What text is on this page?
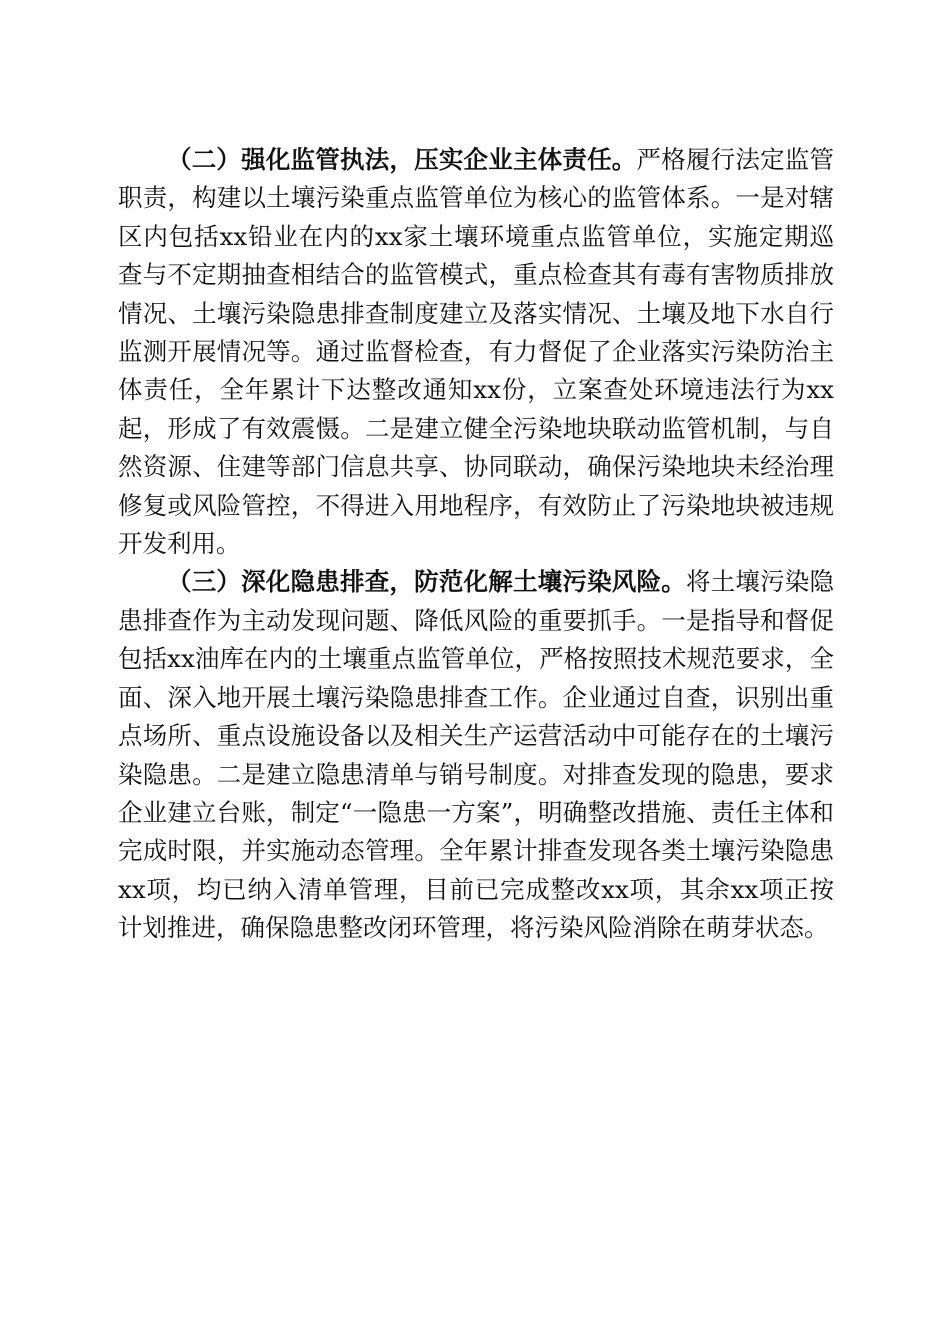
（二）强化监管执法，压实企业主体责任。严格履行法定监管职责，构建以土壤污染重点监管单位为核心的监管体系。一是对辖区内包括xx铅业在内的xx家土壤环境重点监管单位，实施定期巡查与不定期抽查相结合的监管模式，重点检查其有毒有害物质排放情况、土壤污染隐患排查制度建立及落实情况、土壤及地下水自行监测开展情况等。通过监督检查，有力督促了企业落实污染防治主体责任，全年累计下达整改通知xx份，立案查处环境违法行为xx起，形成了有效震慑。二是建立健全污染地块联动监管机制，与自然资源、住建等部门信息共享、协同联动，确保污染地块未经治理修复或风险管控，不得进入用地程序，有效防止了污染地块被违规开发利用。

（三）深化隐患排查，防范化解土壤污染风险。将土壤污染隐患排查作为主动发现问题、降低风险的重要抓手。一是指导和督促包括xx油库在内的土壤重点监管单位，严格按照技术规范要求，全面、深入地开展土壤污染隐患排查工作。企业通过自查，识别出重点场所、重点设施设备以及相关生产运营活动中可能存在的土壤污染隐患。二是建立隐患清单与销号制度。对排查发现的隐患，要求企业建立台账，制定“一隐患一方案”，明确整改措施、责任主体和完成时限，并实施动态管理。全年累计排查发现各类土壤污染隐患xx项，均已纳入清单管理，目前已完成整改xx项，其余xx项正按计划推进，确保隐患整改闭环管理，将污染风险消除在萌芽状态。
